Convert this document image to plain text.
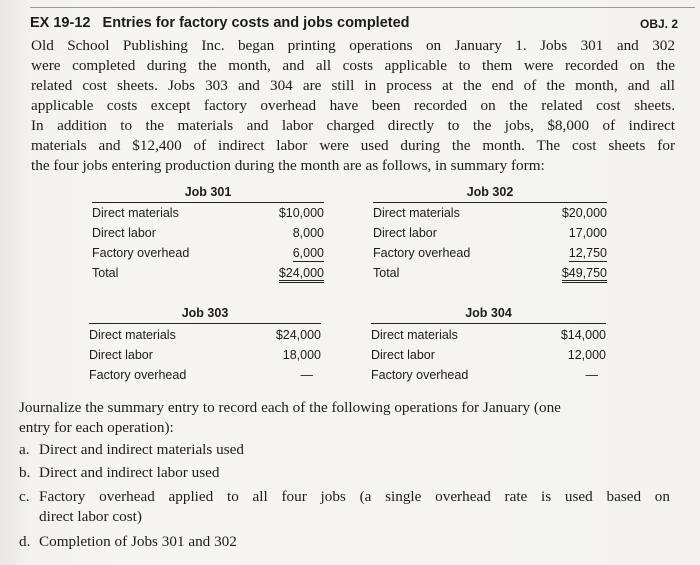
EX 19-12   Entries for factory costs and jobs completed	OBJ. 2
Old School Publishing Inc. began printing operations on January 1. Jobs 301 and 302
were completed during the month, and all costs applicable to them were recorded on the
related cost sheets. Jobs 303 and 304 are still in process at the end of the month, and all
applicable costs except factory overhead have been recorded on the related cost sheets.
In addition to the materials and labor charged directly to the jobs, $8,000 of indirect
materials and $12,400 of indirect labor were used during the month. The cost sheets for
the four jobs entering production during the month are as follows, in summary form:
Job 301
Direct materials	$10,000
Direct labor	8,000
Factory overhead	6,000
Total	$24,000
Job 302
Direct materials	$20,000
Direct labor	17,000
Factory overhead	12,750
Total	$49,750
Job 303
Direct materials	$24,000
Direct labor	18,000
Factory overhead	—
Job 304
Direct materials	$14,000
Direct labor	12,000
Factory overhead	—
Journalize the summary entry to record each of the following operations for January (one
entry for each operation):
a. Direct and indirect materials used
b. Direct and indirect labor used
c. Factory overhead applied to all four jobs (a single overhead rate is used based on
direct labor cost)
d. Completion of Jobs 301 and 302
